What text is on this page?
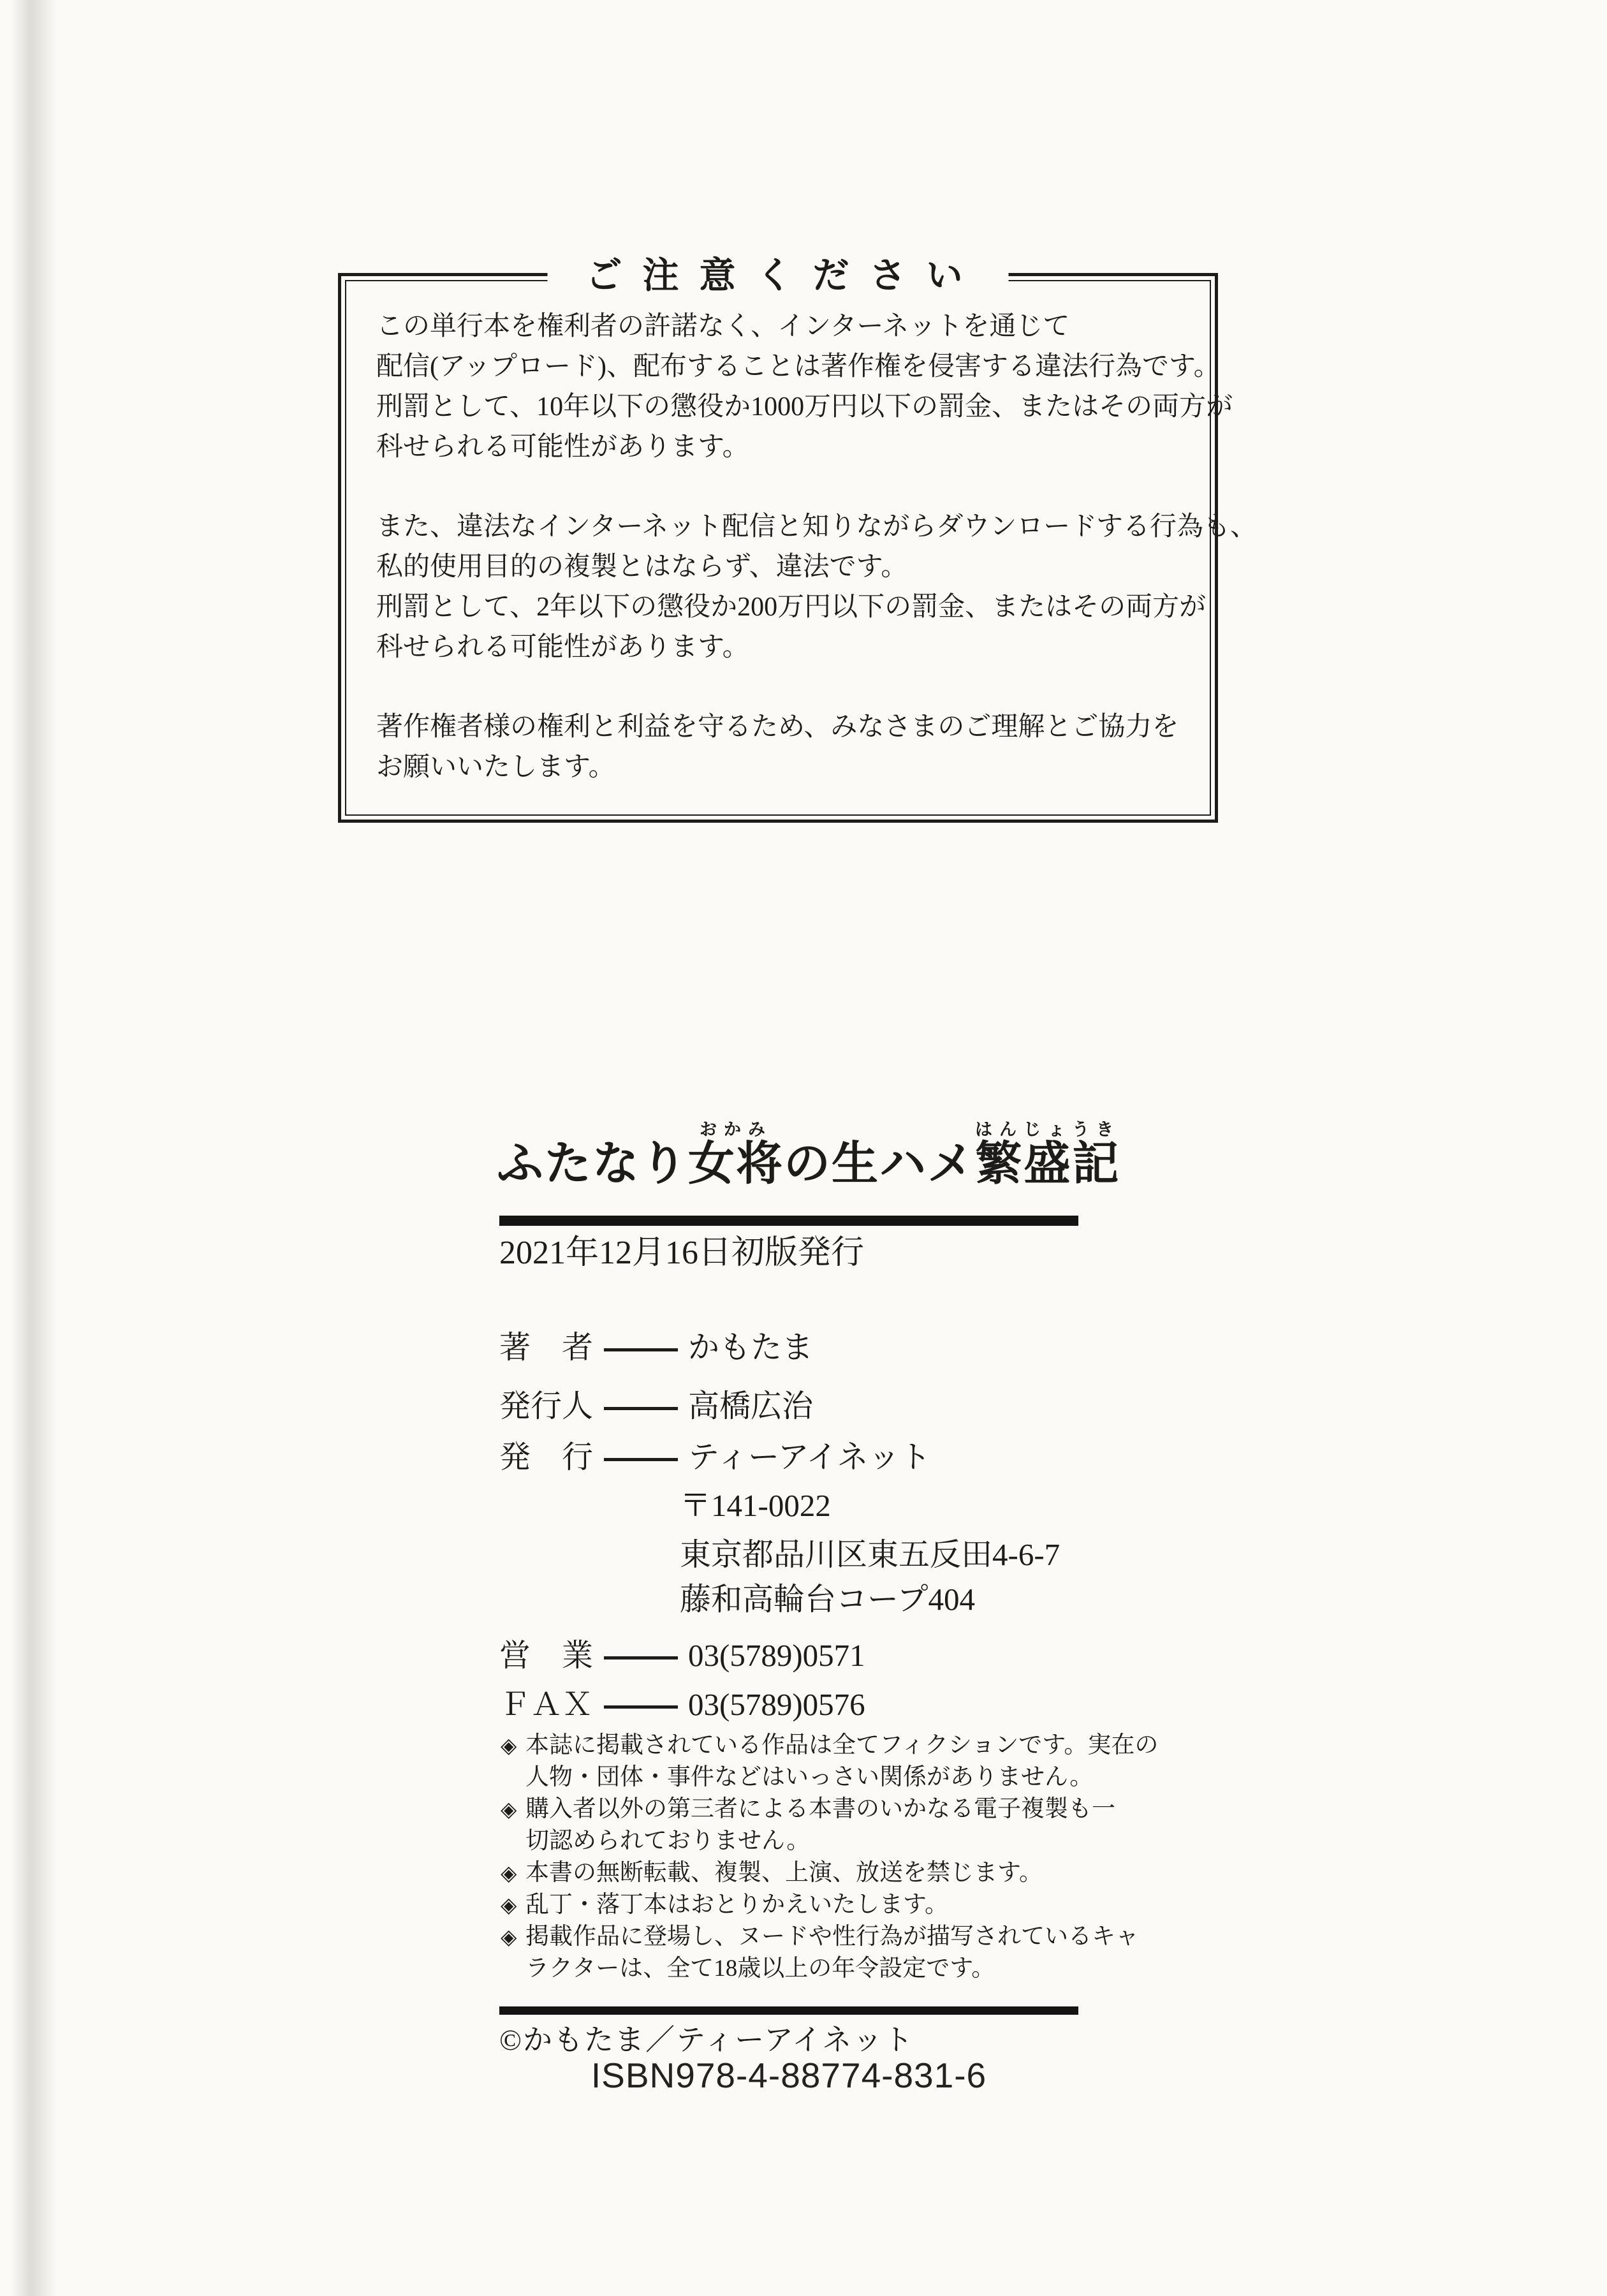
ご注意ください
この単行本を権利者の許諾なく、インターネットを通じて
配信(アップロード)、配布することは著作権を侵害する違法行為です。
刑罰として、10年以下の懲役か1000万円以下の罰金、またはその両方が
科せられる可能性があります。
また、違法なインターネット配信と知りながらダウンロードする行為も、
私的使用目的の複製とはならず、違法です。
刑罰として、2年以下の懲役か200万円以下の罰金、またはその両方が
科せられる可能性があります。
著作権者様の権利と利益を守るため、みなさまのご理解とご協力を
お願いいたします。
ふたなり女将おかみの生ハメ繁盛記はんじょうき
2021年12月16日初版発行
著　者	かもたま
発行人	高橋広治
発　行	ティーアイネット
〒141-0022
東京都品川区東五反田4-6-7
藤和高輪台コープ404
営　業	03(5789)0571
ＦＡＸ	03(5789)0576
◈ 本誌に掲載されている作品は全てフィクションです。実在の
人物・団体・事件などはいっさい関係がありません。
◈ 購入者以外の第三者による本書のいかなる電子複製も一
切認められておりません。
◈ 本書の無断転載、複製、上演、放送を禁じます。
◈ 乱丁・落丁本はおとりかえいたします。
◈ 掲載作品に登場し、ヌードや性行為が描写されているキャ
ラクターは、全て18歳以上の年令設定です。
©かもたま／ティーアイネット
ISBN978-4-88774-831-6
